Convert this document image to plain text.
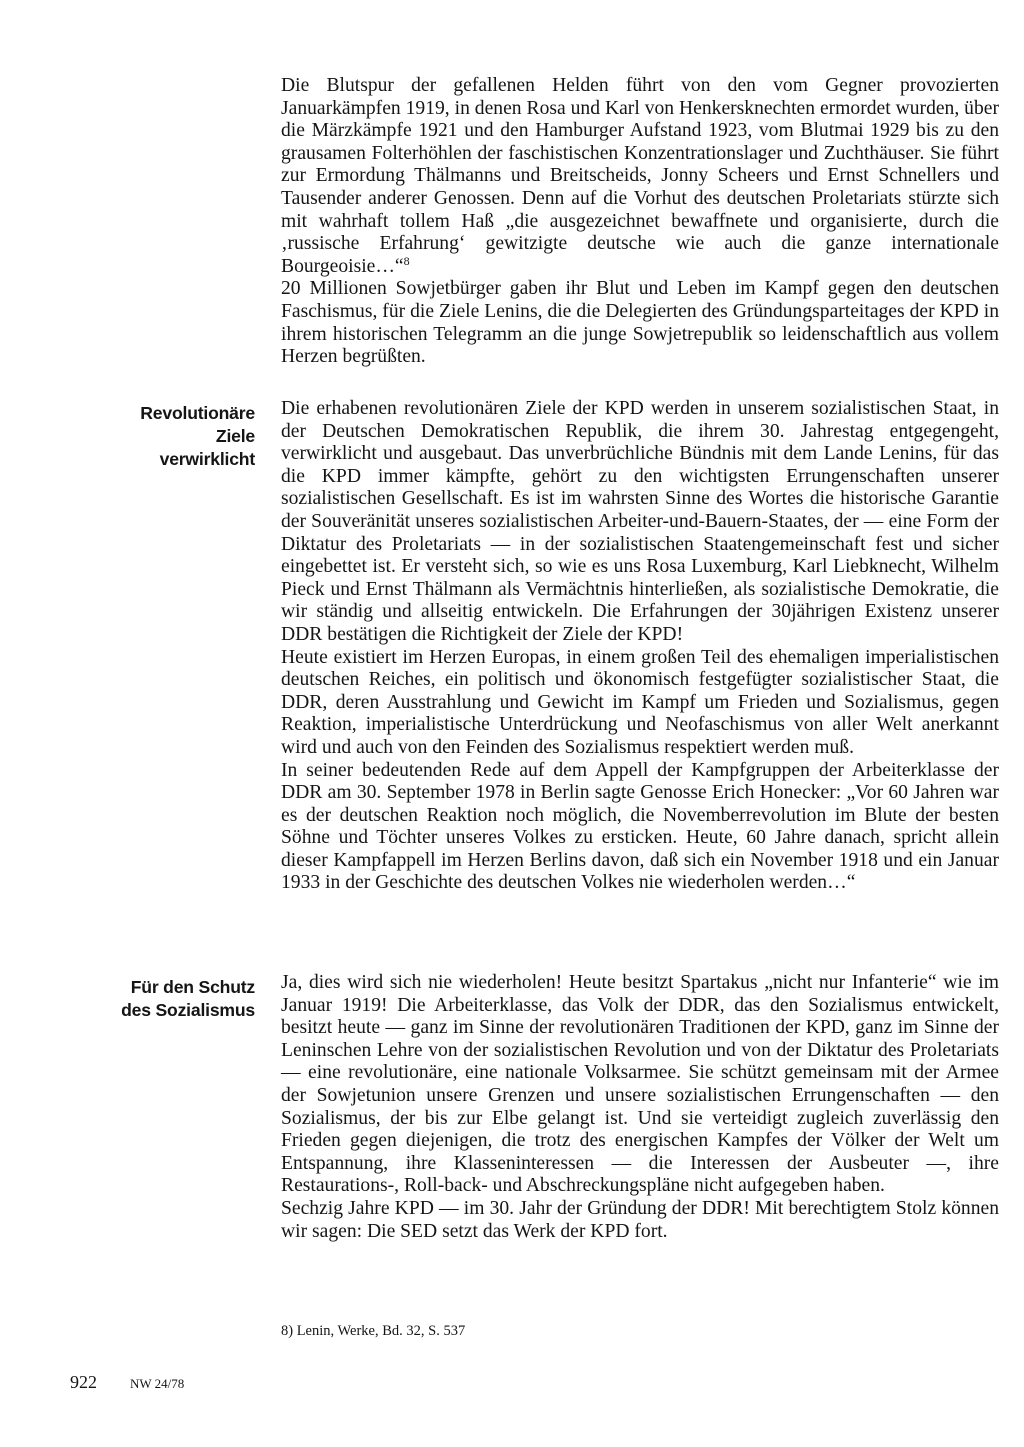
Die Blutspur der gefallenen Helden führt von den vom Gegner provozierten Januarkämpfen 1919, in denen Rosa und Karl von Henkersknechten ermordet wurden, über die Märzkämpfe 1921 und den Hamburger Aufstand 1923, vom Blutmai 1929 bis zu den grausamen Folterhöhlen der faschistischen Konzentrationslager und Zuchthäuser. Sie führt zur Ermordung Thälmanns und Breitscheids, Jonny Scheers und Ernst Schnellers und Tausender anderer Genossen. Denn auf die Vorhut des deutschen Proletariats stürzte sich mit wahrhaft tollem Haß „die ausgezeichnet bewaffnete und organisierte, durch die ‚russische Erfahrung‘ gewitzigte deutsche wie auch die ganze internationale Bourgeoisie…“$^8$

20 Millionen Sowjetbürger gaben ihr Blut und Leben im Kampf gegen den deutschen Faschismus, für die Ziele Lenins, die die Delegierten des Gründungsparteitages der KPD in ihrem historischen Telegramm an die junge Sowjetrepublik so leidenschaftlich aus vollem Herzen begrüßten.

Revolutionäre
Ziele
verwirklicht

Die erhabenen revolutionären Ziele der KPD werden in unserem sozialistischen Staat, in der Deutschen Demokratischen Republik, die ihrem 30. Jahrestag entgegengeht, verwirklicht und ausgebaut. Das unverbrüchliche Bündnis mit dem Lande Lenins, für das die KPD immer kämpfte, gehört zu den wichtigsten Errungenschaften unserer sozialistischen Gesellschaft. Es ist im wahrsten Sinne des Wortes die historische Garantie der Souveränität unseres sozialistischen Arbeiter-und-Bauern-Staates, der — eine Form der Diktatur des Proletariats — in der sozialistischen Staatengemeinschaft fest und sicher eingebettet ist. Er versteht sich, so wie es uns Rosa Luxemburg, Karl Liebknecht, Wilhelm Pieck und Ernst Thälmann als Vermächtnis hinterließen, als sozialistische Demokratie, die wir ständig und allseitig entwickeln. Die Erfahrungen der 30jährigen Existenz unserer DDR bestätigen die Richtigkeit der Ziele der KPD!

Heute existiert im Herzen Europas, in einem großen Teil des ehemaligen imperialistischen deutschen Reiches, ein politisch und ökonomisch festgefügter sozialistischer Staat, die DDR, deren Ausstrahlung und Gewicht im Kampf um Frieden und Sozialismus, gegen Reaktion, imperialistische Unterdrückung und Neofaschismus von aller Welt anerkannt wird und auch von den Feinden des Sozialismus respektiert werden muß.

In seiner bedeutenden Rede auf dem Appell der Kampfgruppen der Arbeiterklasse der DDR am 30. September 1978 in Berlin sagte Genosse Erich Honecker: „Vor 60 Jahren war es der deutschen Reaktion noch möglich, die Novemberrevolution im Blute der besten Söhne und Töchter unseres Volkes zu ersticken. Heute, 60 Jahre danach, spricht allein dieser Kampfappell im Herzen Berlins davon, daß sich ein November 1918 und ein Januar 1933 in der Geschichte des deutschen Volkes nie wiederholen werden…“

Für den Schutz
des Sozialismus

Ja, dies wird sich nie wiederholen! Heute besitzt Spartakus „nicht nur Infanterie“ wie im Januar 1919! Die Arbeiterklasse, das Volk der DDR, das den Sozialismus entwickelt, besitzt heute — ganz im Sinne der revolutionären Traditionen der KPD, ganz im Sinne der Leninschen Lehre von der sozialistischen Revolution und von der Diktatur des Proletariats — eine revolutionäre, eine nationale Volksarmee. Sie schützt gemeinsam mit der Armee der Sowjetunion unsere Grenzen und unsere sozialistischen Errungenschaften — den Sozialismus, der bis zur Elbe gelangt ist. Und sie verteidigt zugleich zuverlässig den Frieden gegen diejenigen, die trotz des energischen Kampfes der Völker der Welt um Entspannung, ihre Klasseninteressen — die Interessen der Ausbeuter —, ihre Restaurations-, Roll-back- und Abschreckungspläne nicht aufgegeben haben.

Sechzig Jahre KPD — im 30. Jahr der Gründung der DDR! Mit berechtigtem Stolz können wir sagen: Die SED setzt das Werk der KPD fort.

8) Lenin, Werke, Bd. 32, S. 537
922	NW 24/78
